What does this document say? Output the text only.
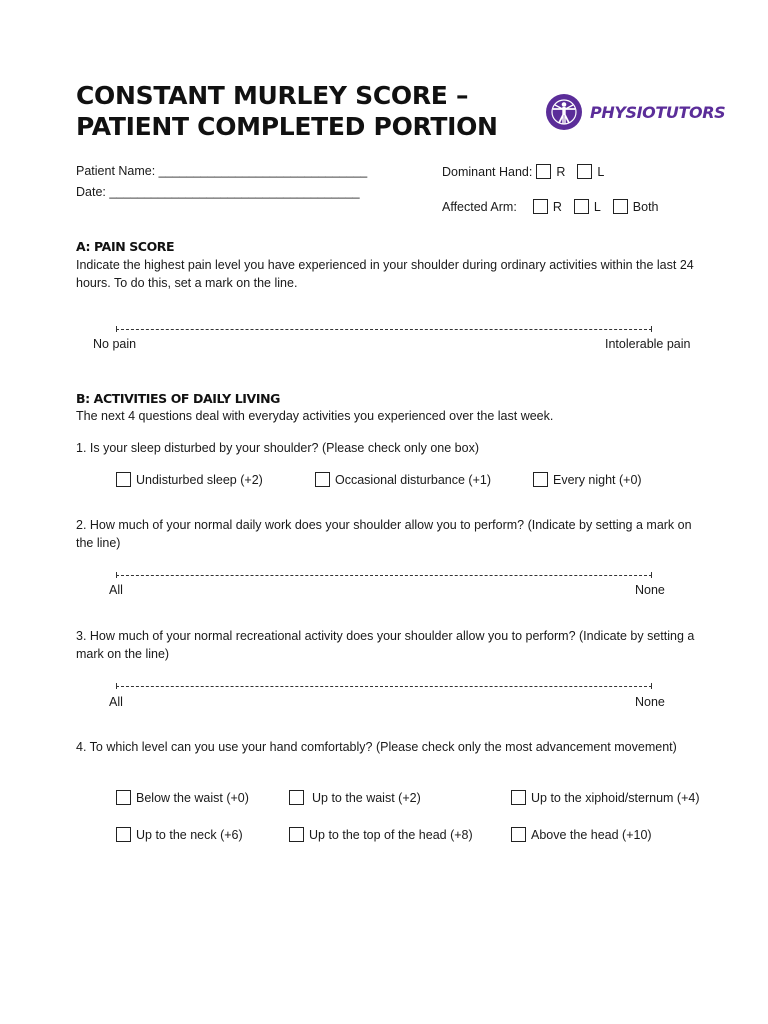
CONSTANT MURLEY SCORE – PATIENT COMPLETED PORTION	PHYSIOTUTORS
Patient Name: ______________________________
Date: ____________________________________
Dominant Hand: R	L
Affected Arm:	R	L	Both
A: PAIN SCORE
Indicate the highest pain level you have experienced in your shoulder during ordinary activities within the last 24 hours. To do this, set a mark on the line.
No pain	Intolerable pain
B: ACTIVITIES OF DAILY LIVING
The next 4 questions deal with everyday activities you experienced over the last week.
1. Is your sleep disturbed by your shoulder? (Please check only one box)
Undisturbed sleep (+2)	Occasional disturbance (+1)	Every night (+0)
2. How much of your normal daily work does your shoulder allow you to perform? (Indicate by setting a mark on the line)
All	None
3. How much of your normal recreational activity does your shoulder allow you to perform? (Indicate by setting a mark on the line)
All	None
4. To which level can you use your hand comfortably? (Please check only the most advancement movement)
Below the waist (+0)	Up to the waist (+2)	Up to the xiphoid/sternum (+4)
Up to the neck (+6)	Up to the top of the head (+8)	Above the head (+10)
